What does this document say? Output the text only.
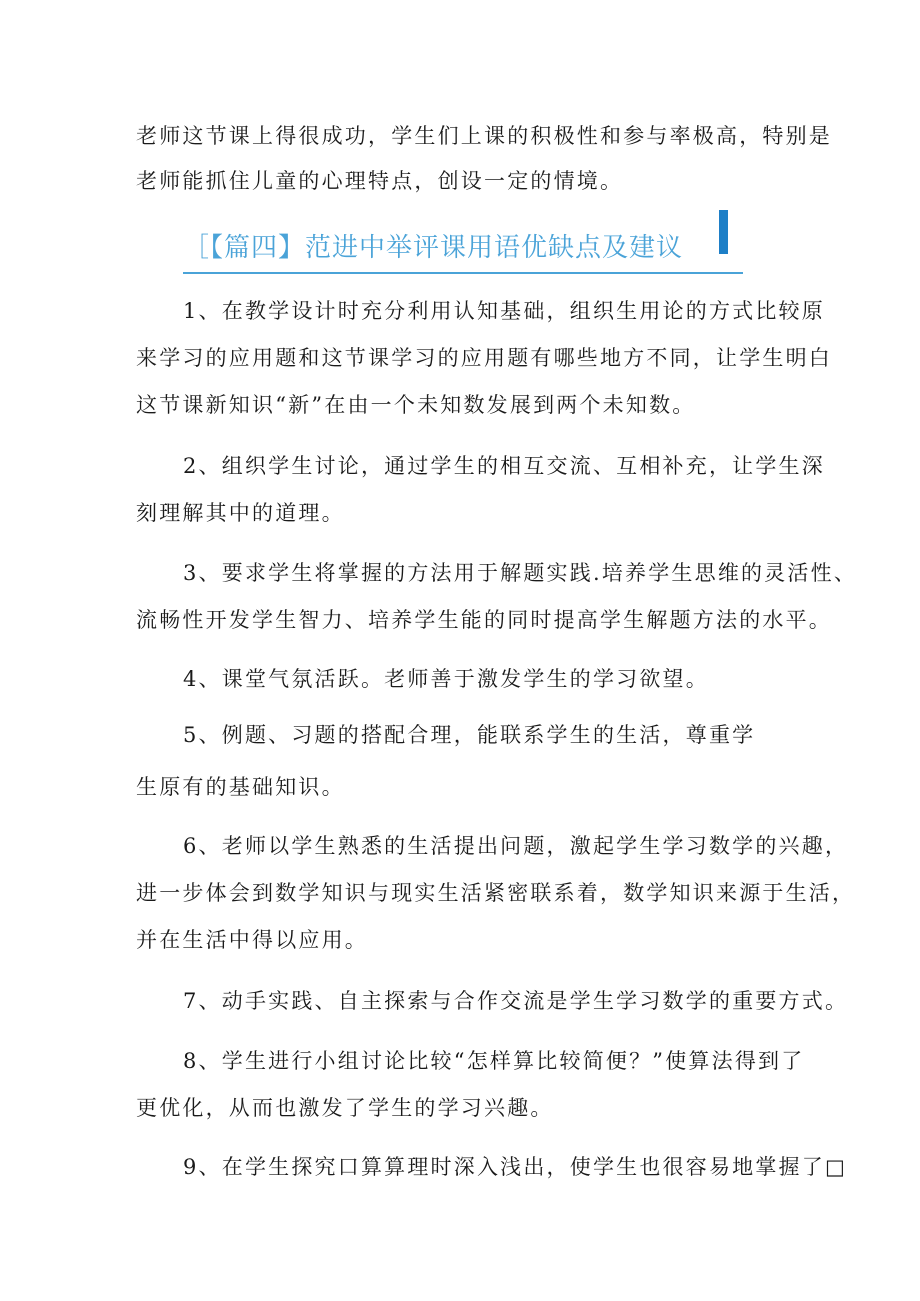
老师这节课上得很成功，学生们上课的积极性和参与率极高，特别是
老师能抓住儿童的心理特点，创设一定的情境。
［【篇四】范进中举评课用语优缺点及建议
1、在教学设计时充分利用认知基础，组织生用论的方式比较原
来学习的应用题和这节课学习的应用题有哪些地方不同，让学生明白
这节课新知识“新”在由一个未知数发展到两个未知数。
2、组织学生讨论，通过学生的相互交流、互相补充，让学生深
刻理解其中的道理。
3、要求学生将掌握的方法用于解题实践.培养学生思维的灵活性、
流畅性开发学生智力、培养学生能的同时提高学生解题方法的水平。
4、课堂气氛活跃。老师善于激发学生的学习欲望。
5、例题、习题的搭配合理，能联系学生的生活，尊重学
生原有的基础知识。
6、老师以学生熟悉的生活提出问题，激起学生学习数学的兴趣，
进一步体会到数学知识与现实生活紧密联系着，数学知识来源于生活，
并在生活中得以应用。
7、动手实践、自主探索与合作交流是学生学习数学的重要方式。
8、学生进行小组讨论比较“怎样算比较简便？”使算法得到了
更优化，从而也激发了学生的学习兴趣。
9、在学生探究口算算理时深入浅出，使学生也很容易地掌握了□
